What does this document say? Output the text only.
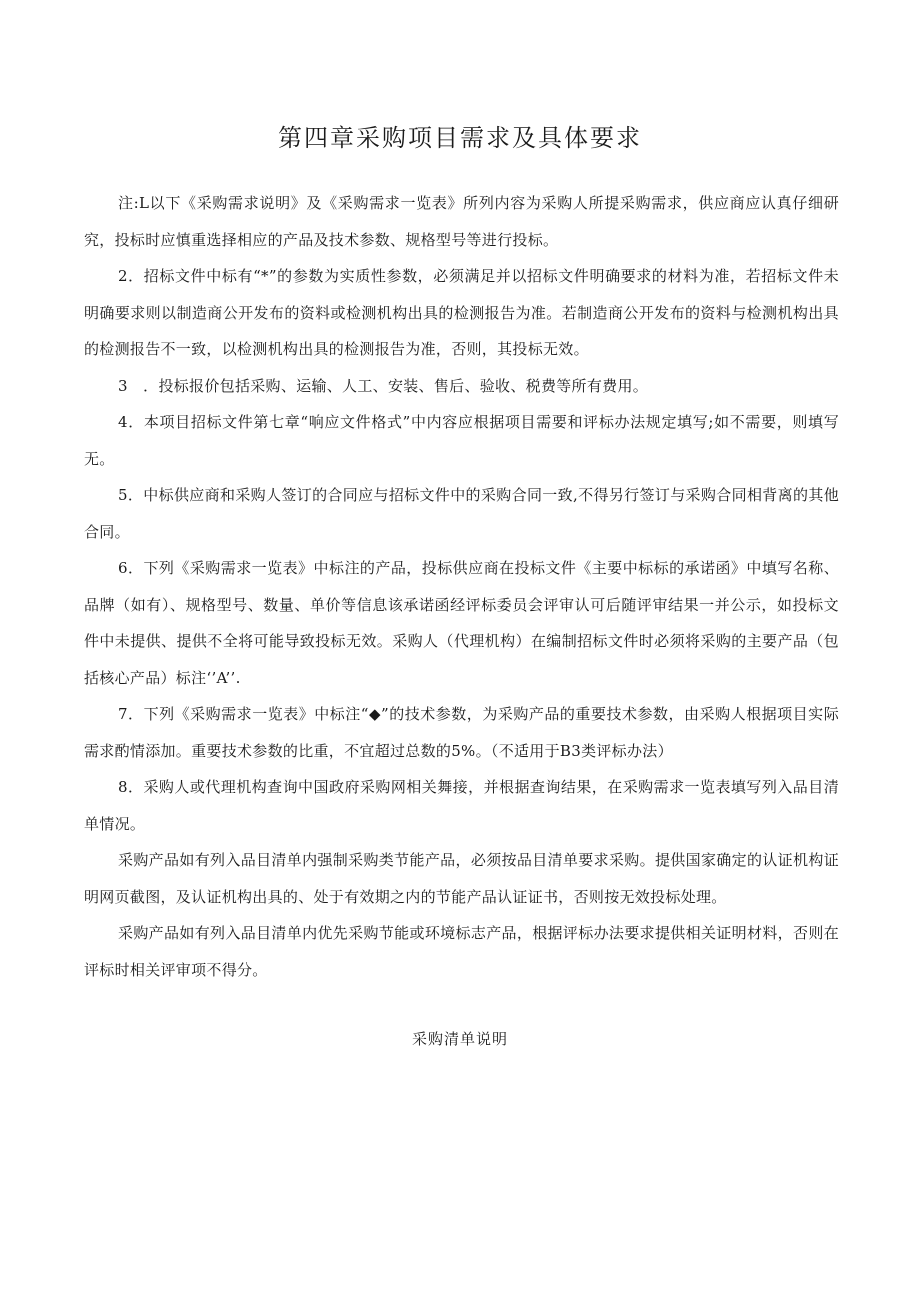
第四章采购项目需求及具体要求

注:L以下《采购需求说明》及《采购需求一览表》所列内容为采购人所提采购需求，供应商应认真仔细研究，投标时应慎重选择相应的产品及技术参数、规格型号等进行投标。

2．招标文件中标有“*”的参数为实质性参数，必须满足并以招标文件明确要求的材料为准，若招标文件未明确要求则以制造商公开发布的资料或检测机构出具的检测报告为准。若制造商公开发布的资料与检测机构出具的检测报告不一致，以检测机构出具的检测报告为准，否则，其投标无效。

3　．投标报价包括采购、运输、人工、安装、售后、验收、税费等所有费用。

4．本项目招标文件第七章“响应文件格式”中内容应根据项目需要和评标办法规定填写;如不需要，则填写无。

5．中标供应商和采购人签订的合同应与招标文件中的采购合同一致,不得另行签订与采购合同相背离的其他合同。

6．下列《采购需求一览表》中标注的产品，投标供应商在投标文件《主要中标标的承诺函》中填写名称、品牌（如有）、规格型号、数量、单价等信息该承诺函经评标委员会评审认可后随评审结果一并公示，如投标文件中未提供、提供不全将可能导致投标无效。采购人（代理机构）在编制招标文件时必须将采购的主要产品（包括核心产品）标注‘’A’’.

7．下列《采购需求一览表》中标注“◆”的技术参数，为采购产品的重要技术参数，由采购人根据项目实际需求酌情添加。重要技术参数的比重，不宜超过总数的5%。（不适用于B3类评标办法）

8．采购人或代理机构查询中国政府采购网相关舞接，并根据查询结果，在采购需求一览表填写列入品目清单情况。

采购产品如有列入品目清单内强制采购类节能产品，必须按品目清单要求采购。提供国家确定的认证机构证明网页截图，及认证机构出具的、处于有效期之内的节能产品认证证书，否则按无效投标处理。

采购产品如有列入品目清单内优先采购节能或环境标志产品，根据评标办法要求提供相关证明材料，否则在评标时相关评审项不得分。

采购清单说明
